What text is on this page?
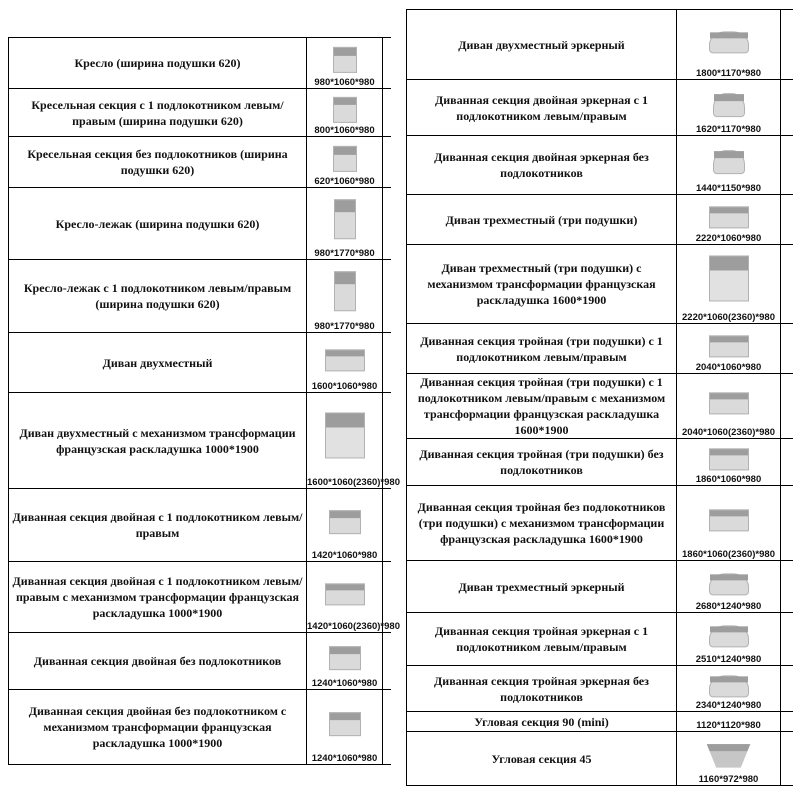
Кресло (ширина подушки 620)	980*1060*980	

Кресельная секция с 1 подлокотником левым/правым (ширина подушки 620)	800*1060*980	

Кресельная секция без подлокотников (ширина подушки 620)	620*1060*980	

Кресло-лежак (ширина подушки 620)	980*1770*980	

Кресло-лежак с 1 подлокотником левым/правым (ширина подушки 620)	980*1770*980	

Диван двухместный	1600*1060*980	

Диван двухместный с механизмом трансформации французская раскладушка 1000*1900	1600*1060(2360)*980	

Диванная секция двойная с 1 подлокотником левым/правым	1420*1060*980	

Диванная секция двойная с 1 подлокотником левым/правым с механизмом трансформации французская раскладушка 1000*1900	1420*1060(2360)*980	

Диванная секция двойная без подлокотников	1240*1060*980	

Диванная секция двойная без подлокотником с механизмом трансформации французская раскладушка 1000*1900	1240*1060*980	

Диван двухместный эркерный	1800*1170*980	

Диванная секция двойная эркерная с 1 подлокотником левым/правым	1620*1170*980	

Диванная секция двойная эркерная без подлокотников	1440*1150*980	

Диван трехместный (три подушки)	2220*1060*980	

Диван трехместный (три подушки) с механизмом трансформации французская раскладушка 1600*1900	2220*1060(2360)*980	

Диванная секция тройная (три подушки) с 1 подлокотником левым/правым	2040*1060*980	

Диванная секция тройная (три подушки) с 1 подлокотником левым/правым с механизмом трансформации французская раскладушка 1600*1900	2040*1060(2360)*980	

Диванная секция тройная (три подушки) без подлокотников	1860*1060*980	

Диванная секция тройная без подлокотников (три подушки) с механизмом трансформации французская раскладушка 1600*1900	1860*1060(2360)*980	

Диван трехместный эркерный	2680*1240*980	

Диванная секция тройная эркерная с 1 подлокотником левым/правым	2510*1240*980	

Диванная секция тройная эркерная без подлокотников	2340*1240*980	

Угловая секция 90 (mini)	1120*1120*980	

Угловая секция 45	1160*972*980	
